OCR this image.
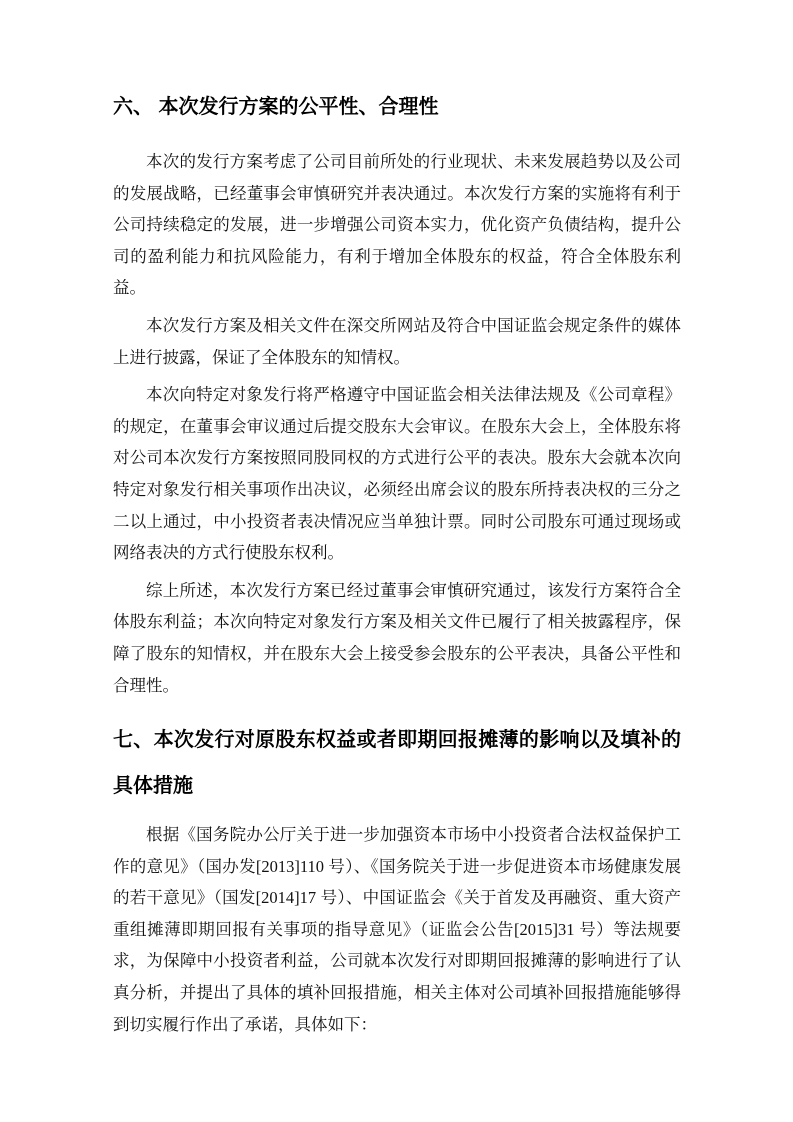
六、 本次发行方案的公平性、合理性

本次的发行方案考虑了公司目前所处的行业现状、未来发展趋势以及公司的发展战略，已经董事会审慎研究并表决通过。本次发行方案的实施将有利于公司持续稳定的发展，进一步增强公司资本实力，优化资产负债结构，提升公司的盈利能力和抗风险能力，有利于增加全体股东的权益，符合全体股东利益。

本次发行方案及相关文件在深交所网站及符合中国证监会规定条件的媒体上进行披露，保证了全体股东的知情权。

本次向特定对象发行将严格遵守中国证监会相关法律法规及《公司章程》的规定，在董事会审议通过后提交股东大会审议。在股东大会上，全体股东将对公司本次发行方案按照同股同权的方式进行公平的表决。股东大会就本次向特定对象发行相关事项作出决议，必须经出席会议的股东所持表决权的三分之二以上通过，中小投资者表决情况应当单独计票。同时公司股东可通过现场或网络表决的方式行使股东权利。

综上所述，本次发行方案已经过董事会审慎研究通过，该发行方案符合全体股东利益；本次向特定对象发行方案及相关文件已履行了相关披露程序，保障了股东的知情权，并在股东大会上接受参会股东的公平表决，具备公平性和合理性。

七、本次发行对原股东权益或者即期回报摊薄的影响以及填补的具体措施

根据《国务院办公厅关于进一步加强资本市场中小投资者合法权益保护工作的意见》（国办发[2013]110 号）、《国务院关于进一步促进资本市场健康发展的若干意见》（国发[2014]17 号）、中国证监会《关于首发及再融资、重大资产重组摊薄即期回报有关事项的指导意见》（证监会公告[2015]31 号）等法规要求，为保障中小投资者利益，公司就本次发行对即期回报摊薄的影响进行了认真分析，并提出了具体的填补回报措施，相关主体对公司填补回报措施能够得到切实履行作出了承诺，具体如下：
